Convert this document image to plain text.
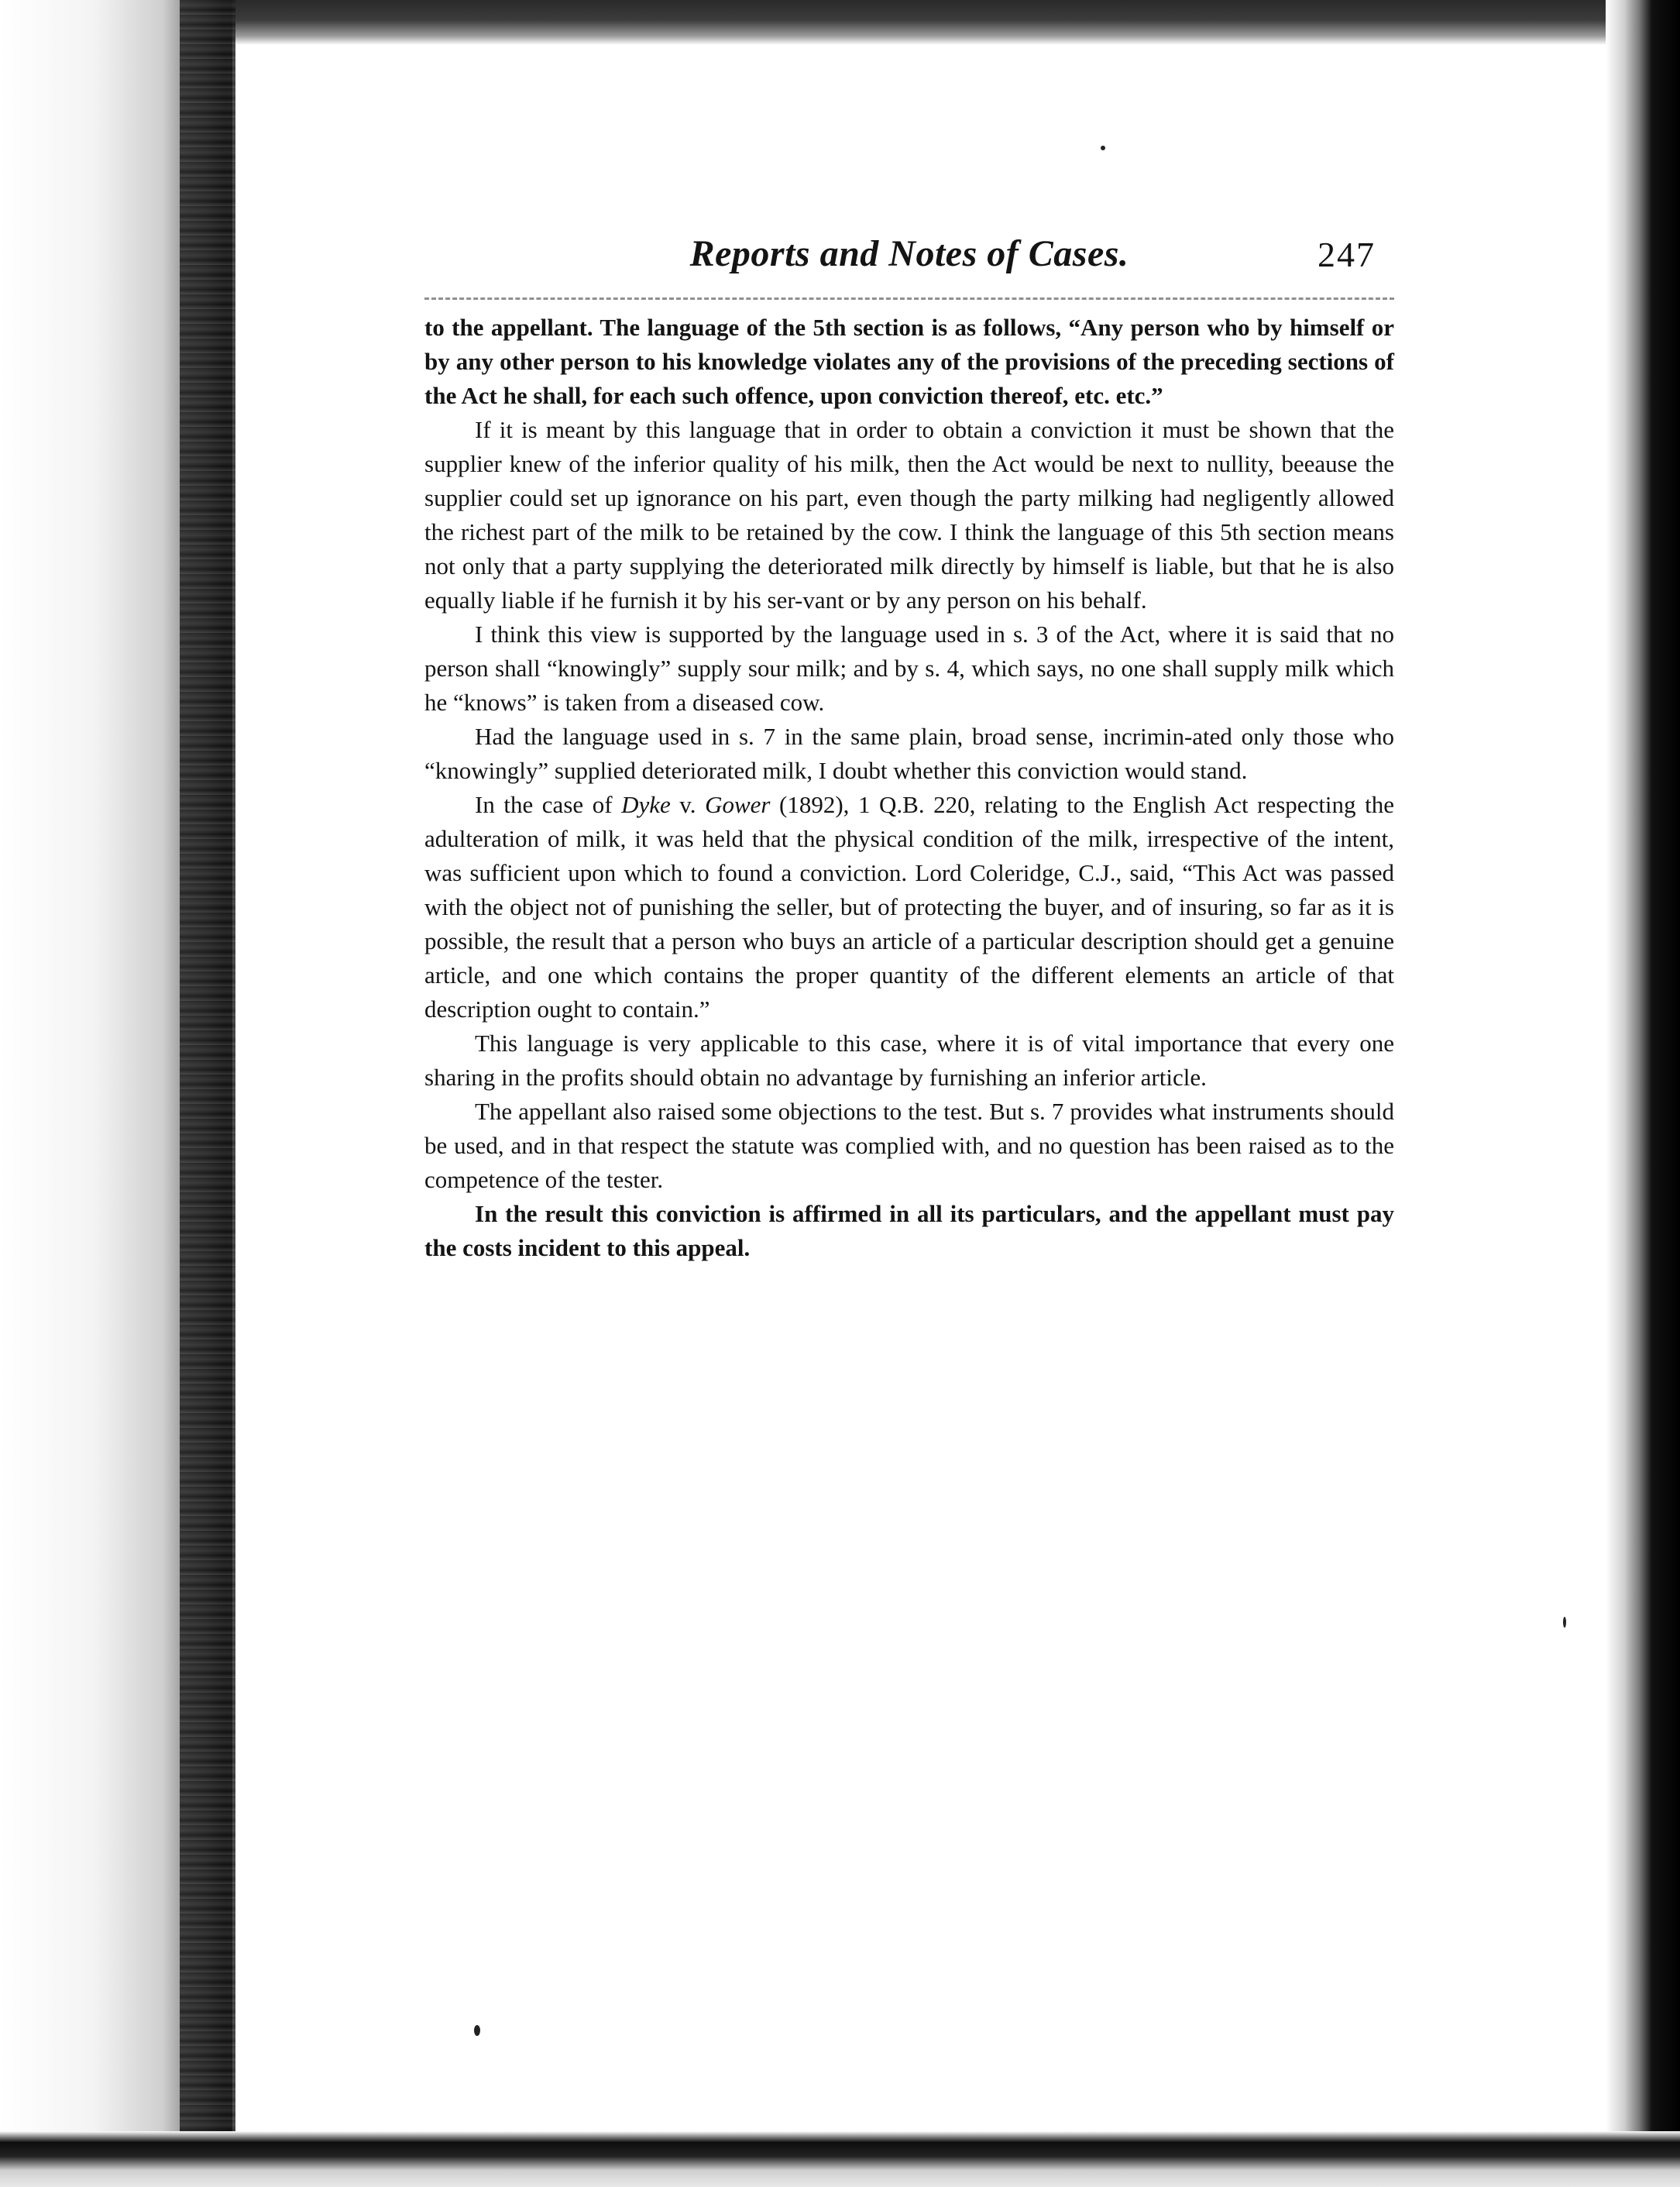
Reports and Notes of Cases.	247

to the appellant. The language of the 5th section is as follows, “Any person who by himself or by any other person to his knowledge violates any of the provisions of the preceding sections of the Act he shall, for each such offence, upon conviction thereof, etc. etc.”

If it is meant by this language that in order to obtain a conviction it must be shown that the supplier knew of the inferior quality of his milk, then the Act would be next to nullity, beeause the supplier could set up ignorance on his part, even though the party milking had negligently allowed the richest part of the milk to be retained by the cow. I think the language of this 5th section means not only that a party supplying the deteriorated milk directly by himself is liable, but that he is also equally liable if he furnish it by his ser-vant or by any person on his behalf.

I think this view is supported by the language used in s. 3 of the Act, where it is said that no person shall “knowingly” supply sour milk; and by s. 4, which says, no one shall supply milk which he “knows” is taken from a diseased cow.

Had the language used in s. 7 in the same plain, broad sense, incrimin-ated only those who “knowingly” supplied deteriorated milk, I doubt whether this conviction would stand.

In the case of Dyke v. Gower (1892), 1 Q.B. 220, relating to the English Act respecting the adulteration of milk, it was held that the physical condition of the milk, irrespective of the intent, was sufficient upon which to found a conviction. Lord Coleridge, C.J., said, “This Act was passed with the object not of punishing the seller, but of protecting the buyer, and of insuring, so far as it is possible, the result that a person who buys an article of a particular description should get a genuine article, and one which contains the proper quantity of the different elements an article of that description ought to contain.”

This language is very applicable to this case, where it is of vital importance that every one sharing in the profits should obtain no advantage by furnishing an inferior article.

The appellant also raised some objections to the test. But s. 7 provides what instruments should be used, and in that respect the statute was complied with, and no question has been raised as to the competence of the tester.

In the result this conviction is affirmed in all its particulars, and the appellant must pay the costs incident to this appeal.
